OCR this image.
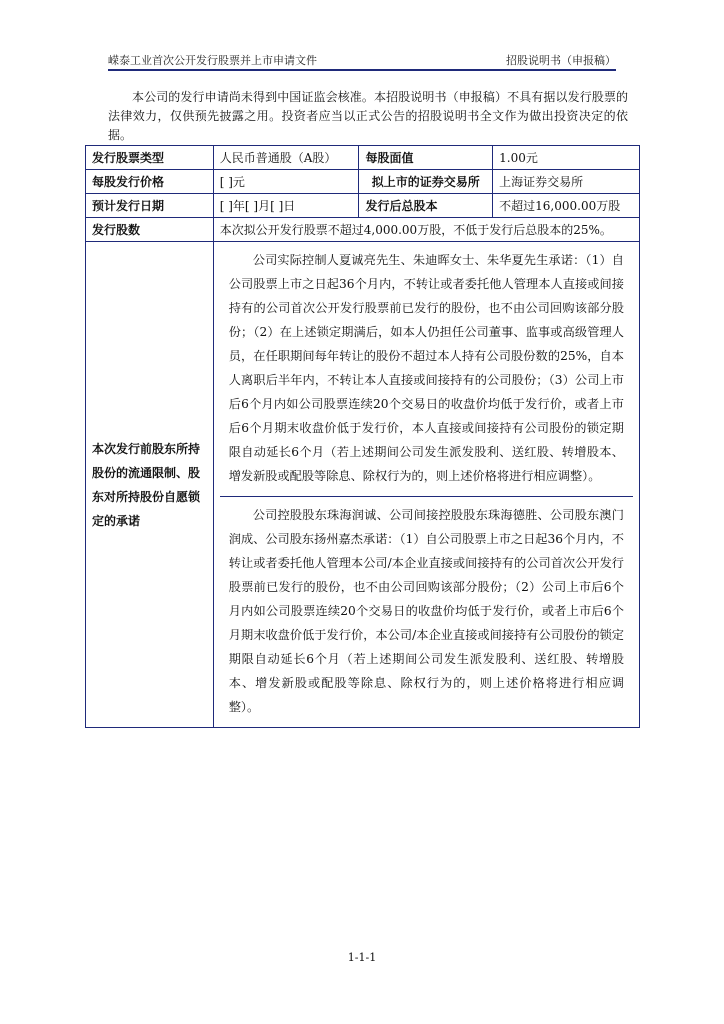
嵘泰工业首次公开发行股票并上市申请文件	招股说明书（申报稿）

本公司的发行申请尚未得到中国证监会核准。本招股说明书（申报稿）不具有据以发行股票的法律效力，仅供预先披露之用。投资者应当以正式公告的招股说明书全文作为做出投资决定的依据。

发行股票类型	人民币普通股（A股）	每股面值	1.00元
每股发行价格	[ ]元	拟上市的证券交易所	上海证券交易所
预计发行日期	[ ]年[ ]月[ ]日	发行后总股本	不超过16,000.00万股
发行股数	本次拟公开发行股票不超过4,000.00万股，不低于发行后总股本的25%。		
本次发行前股东所持股份的流通限制、股东对所持股份自愿锁定的承诺	公司实际控制人夏诚亮先生、朱迪晖女士、朱华夏先生承诺：（1）自公司股票上市之日起36个月内，不转让或者委托他人管理本人直接或间接持有的公司首次公开发行股票前已发行的股份，也不由公司回购该部分股份；（2）在上述锁定期满后，如本人仍担任公司董事、监事或高级管理人员，在任职期间每年转让的股份不超过本人持有公司股份数的25%，自本人离职后半年内，不转让本人直接或间接持有的公司股份；（3）公司上市后6个月内如公司股票连续20个交易日的收盘价均低于发行价，或者上市后6个月期末收盘价低于发行价，本人直接或间接持有公司股份的锁定期限自动延长6个月（若上述期间公司发生派发股利、送红股、转增股本、增发新股或配股等除息、除权行为的，则上述价格将进行相应调整）。
公司控股股东珠海润诚、公司间接控股股东珠海德胜、公司股东澳门润成、公司股东扬州嘉杰承诺：（1）自公司股票上市之日起36个月内，不转让或者委托他人管理本公司/本企业直接或间接持有的公司首次公开发行股票前已发行的股份，也不由公司回购该部分股份；（2）公司上市后6个月内如公司股票连续20个交易日的收盘价均低于发行价，或者上市后6个月期末收盘价低于发行价，本公司/本企业直接或间接持有公司股份的锁定期限自动延长6个月（若上述期间公司发生派发股利、送红股、转增股本、增发新股或配股等除息、除权行为的，则上述价格将进行相应调整）。		
1-1-1
